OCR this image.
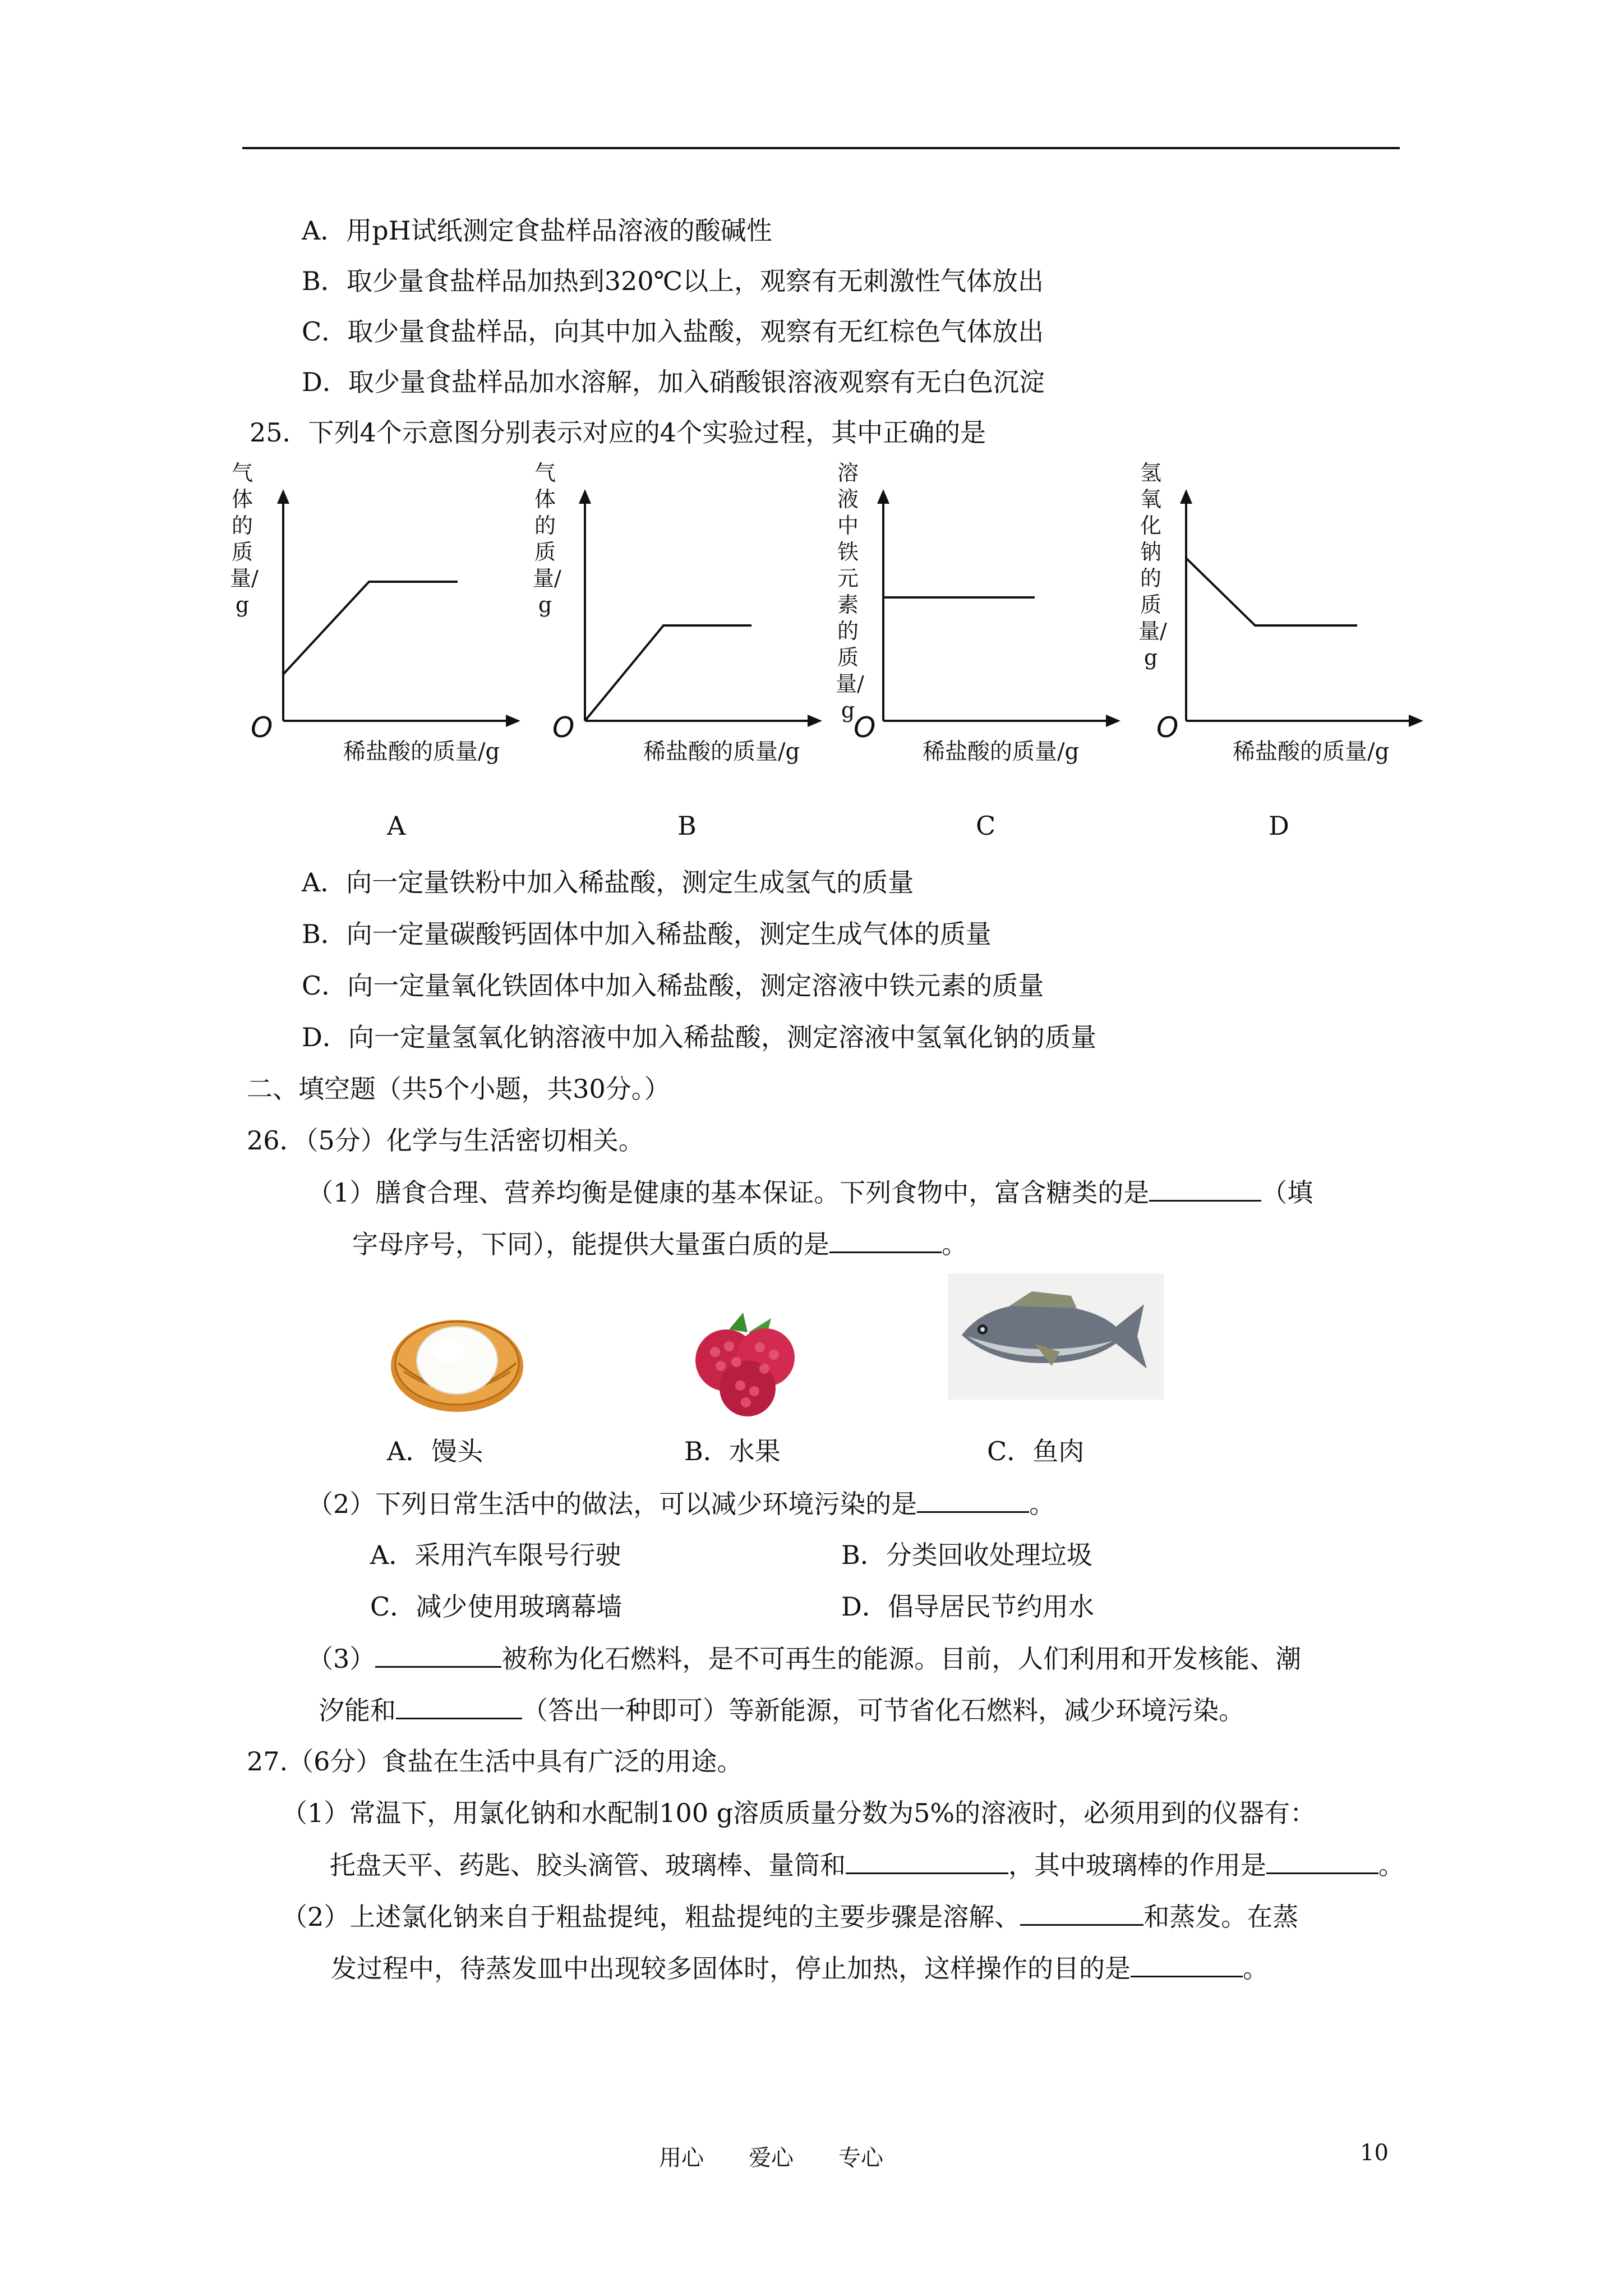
A．用pH试纸测定食盐样品溶液的酸碱性
B．取少量食盐样品加热到320℃以上，观察有无刺激性气体放出
C．取少量食盐样品，向其中加入盐酸，观察有无红棕色气体放出
D．取少量食盐样品加水溶解，加入硝酸银溶液观察有无白色沉淀
25．下列4个示意图分别表示对应的4个实验过程，其中正确的是
气体的质量/g
O
稀盐酸的质量/g
A
气体的质量/g
O
稀盐酸的质量/g
B
溶液中铁元素的质量/g
O
稀盐酸的质量/g
C
氢氧化钠的质量/g
O
稀盐酸的质量/g
D
A．向一定量铁粉中加入稀盐酸，测定生成氢气的质量
B．向一定量碳酸钙固体中加入稀盐酸，测定生成气体的质量
C．向一定量氧化铁固体中加入稀盐酸，测定溶液中铁元素的质量
D．向一定量氢氧化钠溶液中加入稀盐酸，测定溶液中氢氧化钠的质量
二、填空题（共5个小题，共30分。）
26．（5分）化学与生活密切相关。
（1）膳食合理、营养均衡是健康的基本保证。下列食物中，富含糖类的是	（填
字母序号，下同），能提供大量蛋白质的是	。
A．馒头	B．水果	C．鱼肉
（2）下列日常生活中的做法，可以减少环境污染的是	。
A．采用汽车限号行驶	B．分类回收处理垃圾
C．减少使用玻璃幕墙	D．倡导居民节约用水
（3）	被称为化石燃料，是不可再生的能源。目前，人们利用和开发核能、潮
汐能和	（答出一种即可）等新能源，可节省化石燃料，减少环境污染。
27.（6分）食盐在生活中具有广泛的用途。
（1）常温下，用氯化钠和水配制100 g溶质质量分数为5%的溶液时，必须用到的仪器有：
托盘天平、药匙、胶头滴管、玻璃棒、量筒和	，其中玻璃棒的作用是	。
（2）上述氯化钠来自于粗盐提纯，粗盐提纯的主要步骤是溶解、	和蒸发。在蒸
发过程中，待蒸发皿中出现较多固体时，停止加热，这样操作的目的是	。
用心　　爱心　　专心	10
